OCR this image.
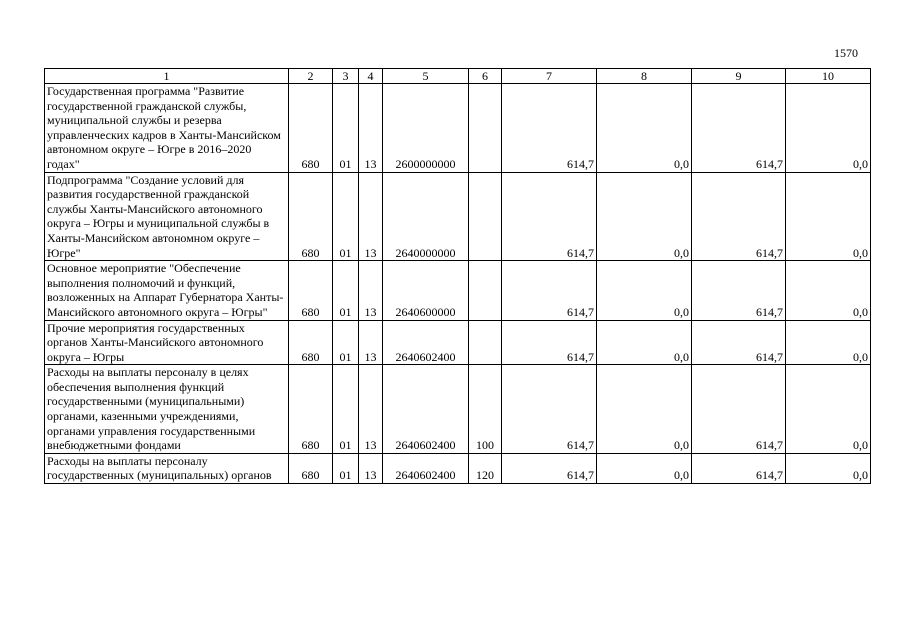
1570
1	2	3	4	5	6	7	8	9	10
Государственная программа "Развитие государственной гражданской службы, муниципальной службы и резерва управленческих кадров в Ханты-Мансийском автономном округе – Югре в 2016–2020 годах"	680	01	13	2600000000		614,7	0,0	614,7	0,0
Подпрограмма "Создание условий для развития государственной гражданской службы Ханты-Мансийского автономного округа – Югры и муниципальной службы в Ханты-Мансийском автономном округе – Югре"	680	01	13	2640000000		614,7	0,0	614,7	0,0
Основное мероприятие "Обеспечение выполнения полномочий и функций, возложенных на Аппарат Губернатора Ханты-Мансийского автономного округа – Югры"	680	01	13	2640600000		614,7	0,0	614,7	0,0
Прочие мероприятия государственных органов Ханты-Мансийского автономного округа – Югры	680	01	13	2640602400		614,7	0,0	614,7	0,0
Расходы на выплаты персоналу в целях обеспечения выполнения функций государственными (муниципальными) органами, казенными учреждениями, органами управления государственными внебюджетными фондами	680	01	13	2640602400	100	614,7	0,0	614,7	0,0
Расходы на выплаты персоналу государственных (муниципальных) органов	680	01	13	2640602400	120	614,7	0,0	614,7	0,0
